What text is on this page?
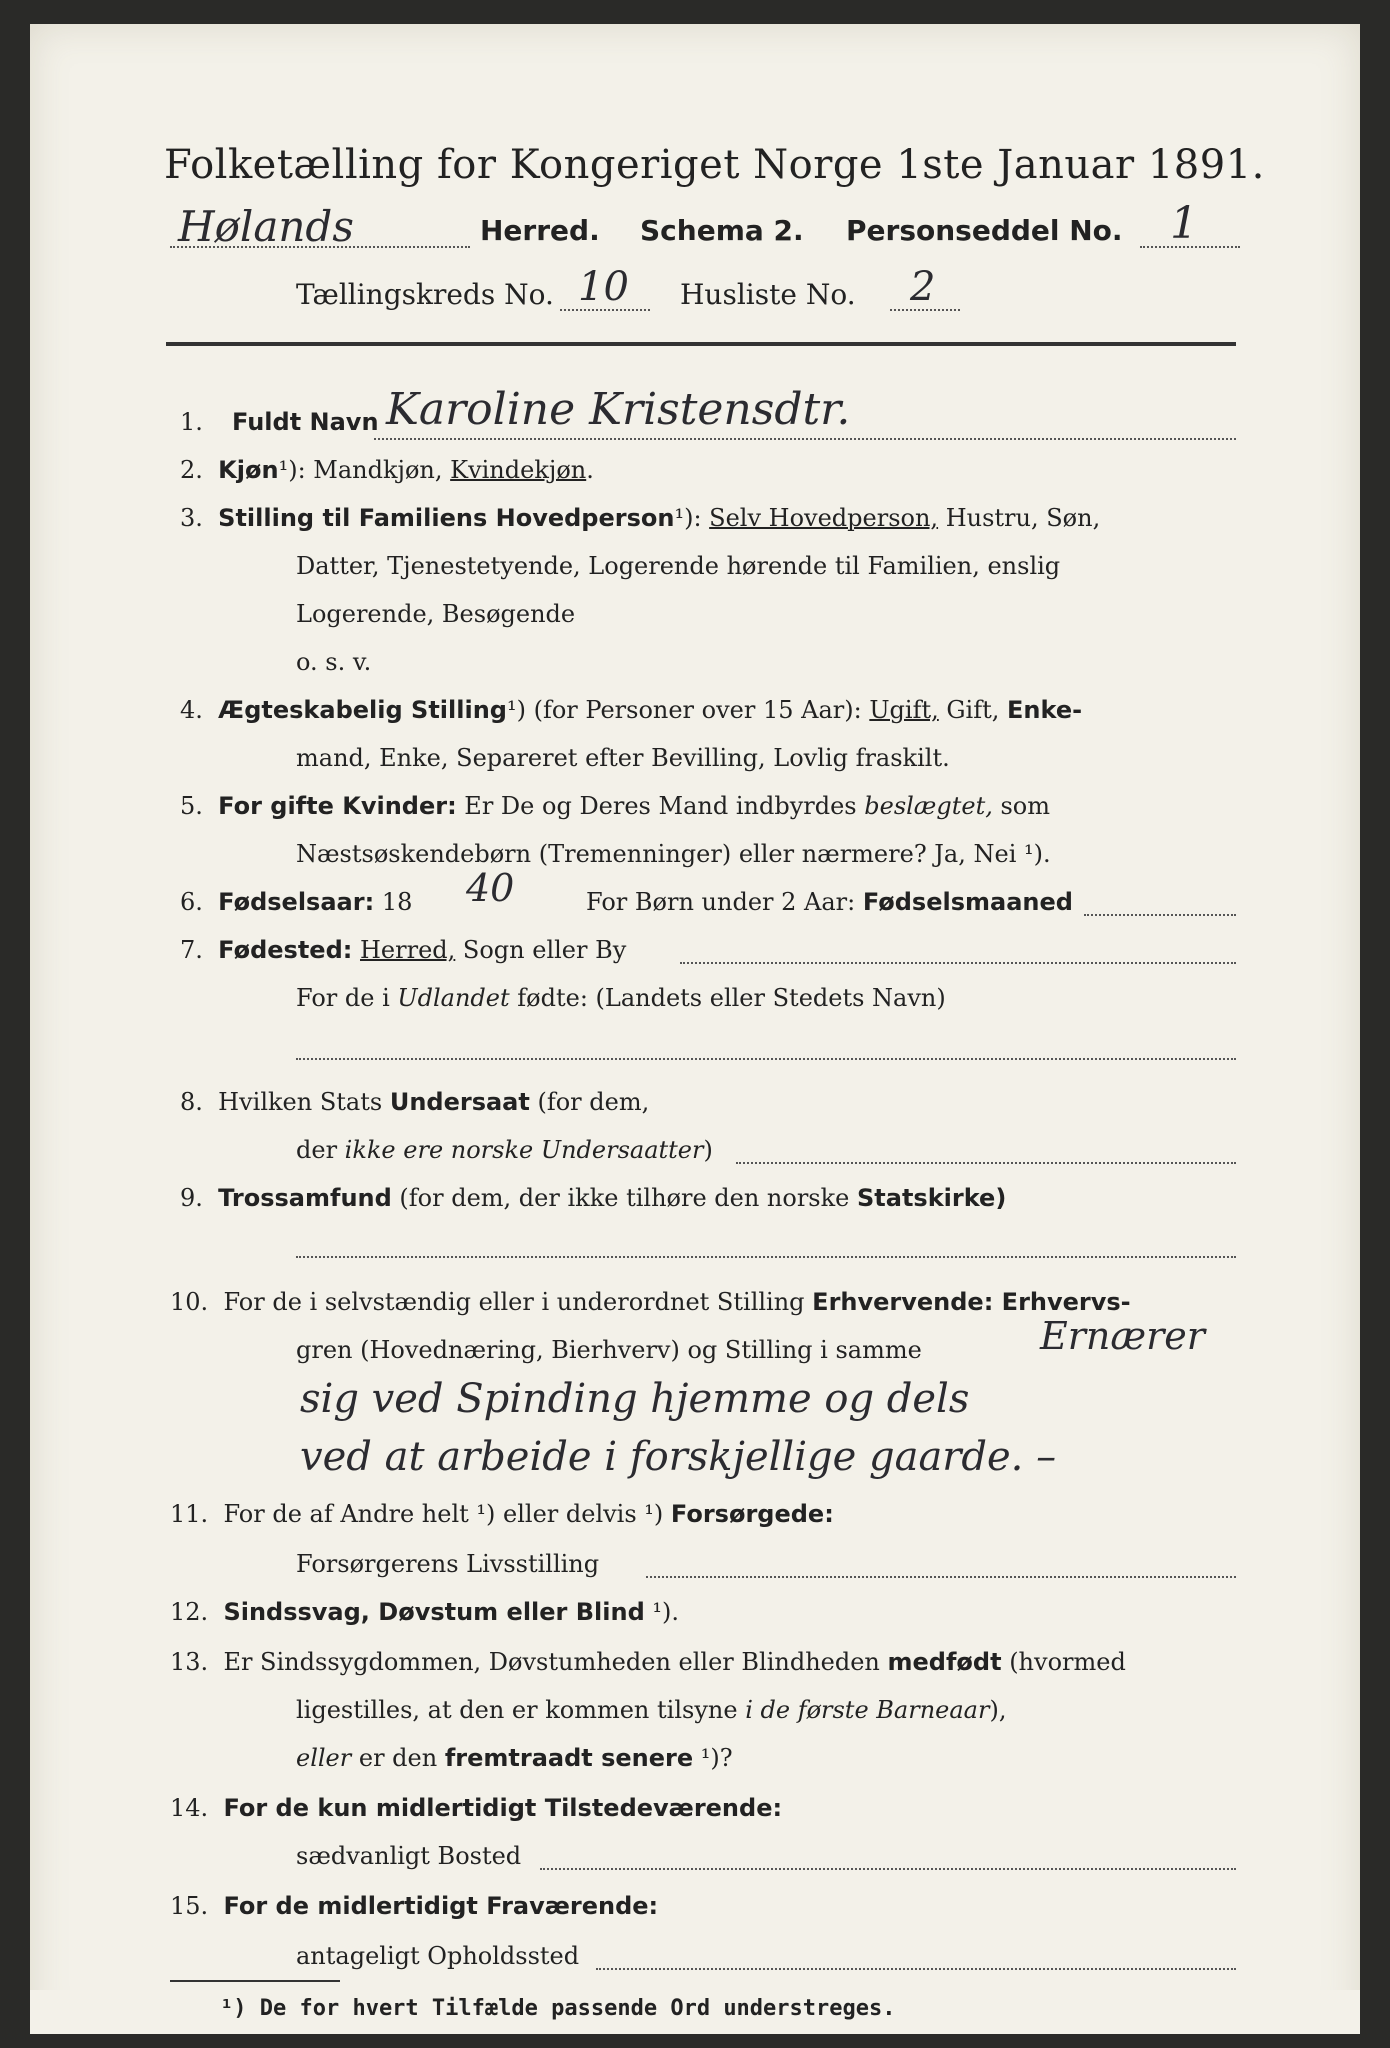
Folketælling for Kongeriget Norge 1ste Januar 1891.
Hølands	Herred. Schema 2. Personseddel No. 1
Tællingskreds No. 10 Husliste No. 2
1. Fuldt Navn Karoline Kristensdtr.
2. Kjøn¹): Mandkjøn, Kvindekjøn.
3. Stilling til Familiens Hovedperson¹): Selv Hovedperson, Hustru, Søn,
Datter, Tjenestetyende, Logerende hørende til Familien, enslig
Logerende, Besøgende
o. s. v.
4. Ægteskabelig Stilling¹) (for Personer over 15 Aar): Ugift, Gift, Enke-
mand, Enke, Separeret efter Bevilling, Lovlig fraskilt.
5. For gifte Kvinder: Er De og Deres Mand indbyrdes beslægtet, som
Næstsøskendebørn (Tremenninger) eller nærmere? Ja, Nei ¹).
6. Fødselsaar: 18 40	For Børn under 2 Aar: Fødselsmaaned
7. Fødested: Herred, Sogn eller By
For de i Udlandet fødte: (Landets eller Stedets Navn)
8. Hvilken Stats Undersaat (for dem,
der ikke ere norske Undersaatter)
9. Trossamfund (for dem, der ikke tilhøre den norske Statskirke)
10. For de i selvstændig eller i underordnet Stilling Erhvervende: Erhvervs-
gren (Hovednæring, Bierhverv) og Stilling i samme	Ernærer
sig ved Spinding hjemme og dels
ved at arbeide i forskjellige gaarde. –
11. For de af Andre helt ¹) eller delvis ¹) Forsørgede:
Forsørgerens Livsstilling
12. Sindssvag, Døvstum eller Blind ¹).
13. Er Sindssygdommen, Døvstumheden eller Blindheden medfødt (hvormed
ligestilles, at den er kommen tilsyne i de første Barneaar),
eller er den fremtraadt senere ¹)?
14. For de kun midlertidigt Tilstedeværende:
sædvanligt Bosted
15. For de midlertidigt Fraværende:
antageligt Opholdssted
¹) De for hvert Tilfælde passende Ord understreges.
